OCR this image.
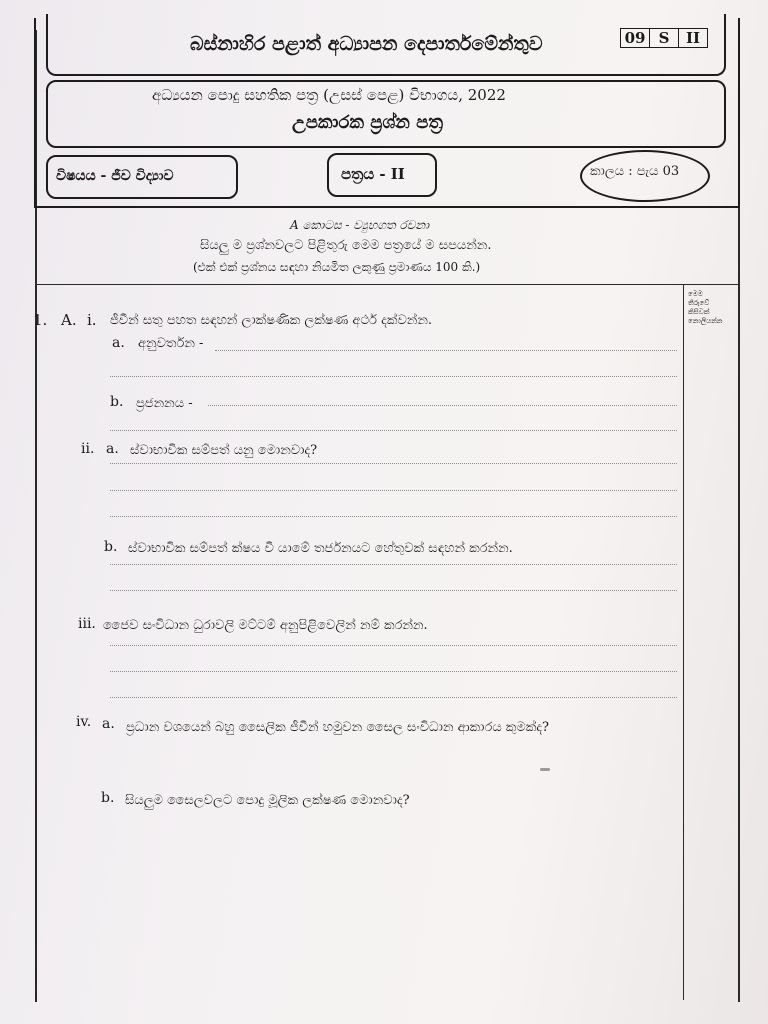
බස්නාහිර පළාත් අධ්‍යාපන දෙපාර්තමේන්තුව	09 S	II
අධ්‍යයන පොදු සහතික පත්‍ර (උසස් පෙළ) විභාගය, 2022
උපකාරක ප්‍රශ්න පත්‍ර
විෂයය - ජීව විද්‍යාව	පත්‍රය - II	කාලය : පැය 03
A කොටස - ව්‍යුහගත රචනා
සියලු ම ප්‍රශ්නවලට පිළිතුරු මෙම පත්‍රයේ ම සපයන්න.
(එක් එක් ප්‍රශ්නය සඳහා නියමිත ලකුණු ප්‍රමාණය 100 කි.)
මෙම
තීරුවේ
කිසිවක්
නොලියන්න
1. A. i. ජීවීන් සතු පහත සඳහන් ලාක්ෂණික ලක්ෂණ අර්ථ දක්වන්න.
a. අනුවර්තන -
b. ප්‍රජනනය -
ii. a. ස්වාභාවික සම්පත් යනු මොනවාද?
b. ස්වාභාවික සම්පත් ක්ෂය වී යාමේ තර්ජනයට හේතුවක් සඳහන් කරන්න.
iii. ජෛව සංවිධාන ධුරාවලි මට්ටම් අනුපිළිවෙලින් නම් කරන්න.
iv. a. ප්‍රධාන වශයෙන් බහු සෛලික ජීවීන් හමුවන සෛල සංවිධාන ආකාරය කුමක්ද?
b. සියලුම සෛලවලට පොදු මූලික ලක්ෂණ මොනවාද?
